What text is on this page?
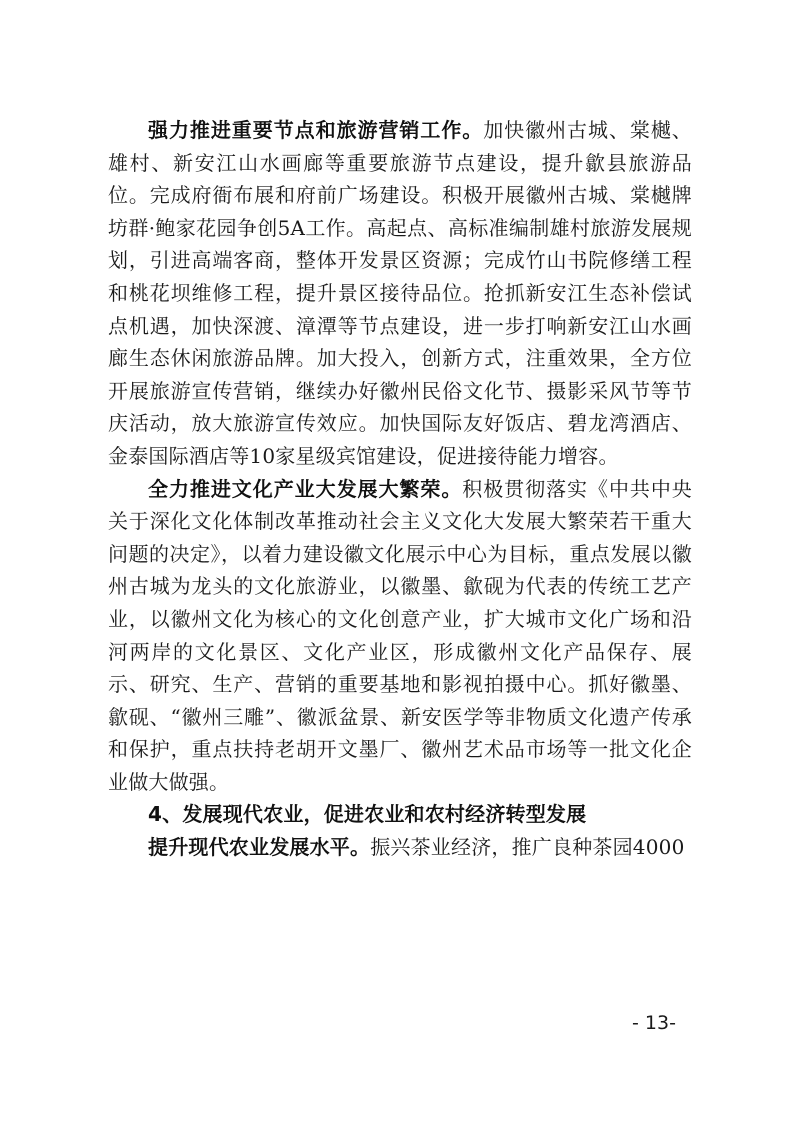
强力推进重要节点和旅游营销工作。加快徽州古城、棠樾、雄村、新安江山水画廊等重要旅游节点建设，提升歙县旅游品位。完成府衙布展和府前广场建设。积极开展徽州古城、棠樾牌坊群·鲍家花园争创5A工作。高起点、高标准编制雄村旅游发展规划，引进高端客商，整体开发景区资源；完成竹山书院修缮工程和桃花坝维修工程，提升景区接待品位。抢抓新安江生态补偿试点机遇，加快深渡、漳潭等节点建设，进一步打响新安江山水画廊生态休闲旅游品牌。加大投入，创新方式，注重效果，全方位开展旅游宣传营销，继续办好徽州民俗文化节、摄影采风节等节庆活动，放大旅游宣传效应。加快国际友好饭店、碧龙湾酒店、金泰国际酒店等10家星级宾馆建设，促进接待能力增容。

全力推进文化产业大发展大繁荣。积极贯彻落实《中共中央关于深化文化体制改革推动社会主义文化大发展大繁荣若干重大问题的决定》，以着力建设徽文化展示中心为目标，重点发展以徽州古城为龙头的文化旅游业，以徽墨、歙砚为代表的传统工艺产业，以徽州文化为核心的文化创意产业，扩大城市文化广场和沿河两岸的文化景区、文化产业区，形成徽州文化产品保存、展示、研究、生产、营销的重要基地和影视拍摄中心。抓好徽墨、歙砚、“徽州三雕”、徽派盆景、新安医学等非物质文化遗产传承和保护，重点扶持老胡开文墨厂、徽州艺术品市场等一批文化企业做大做强。

4、发展现代农业，促进农业和农村经济转型发展

提升现代农业发展水平。振兴茶业经济，推广良种茶园4000

- 13-
